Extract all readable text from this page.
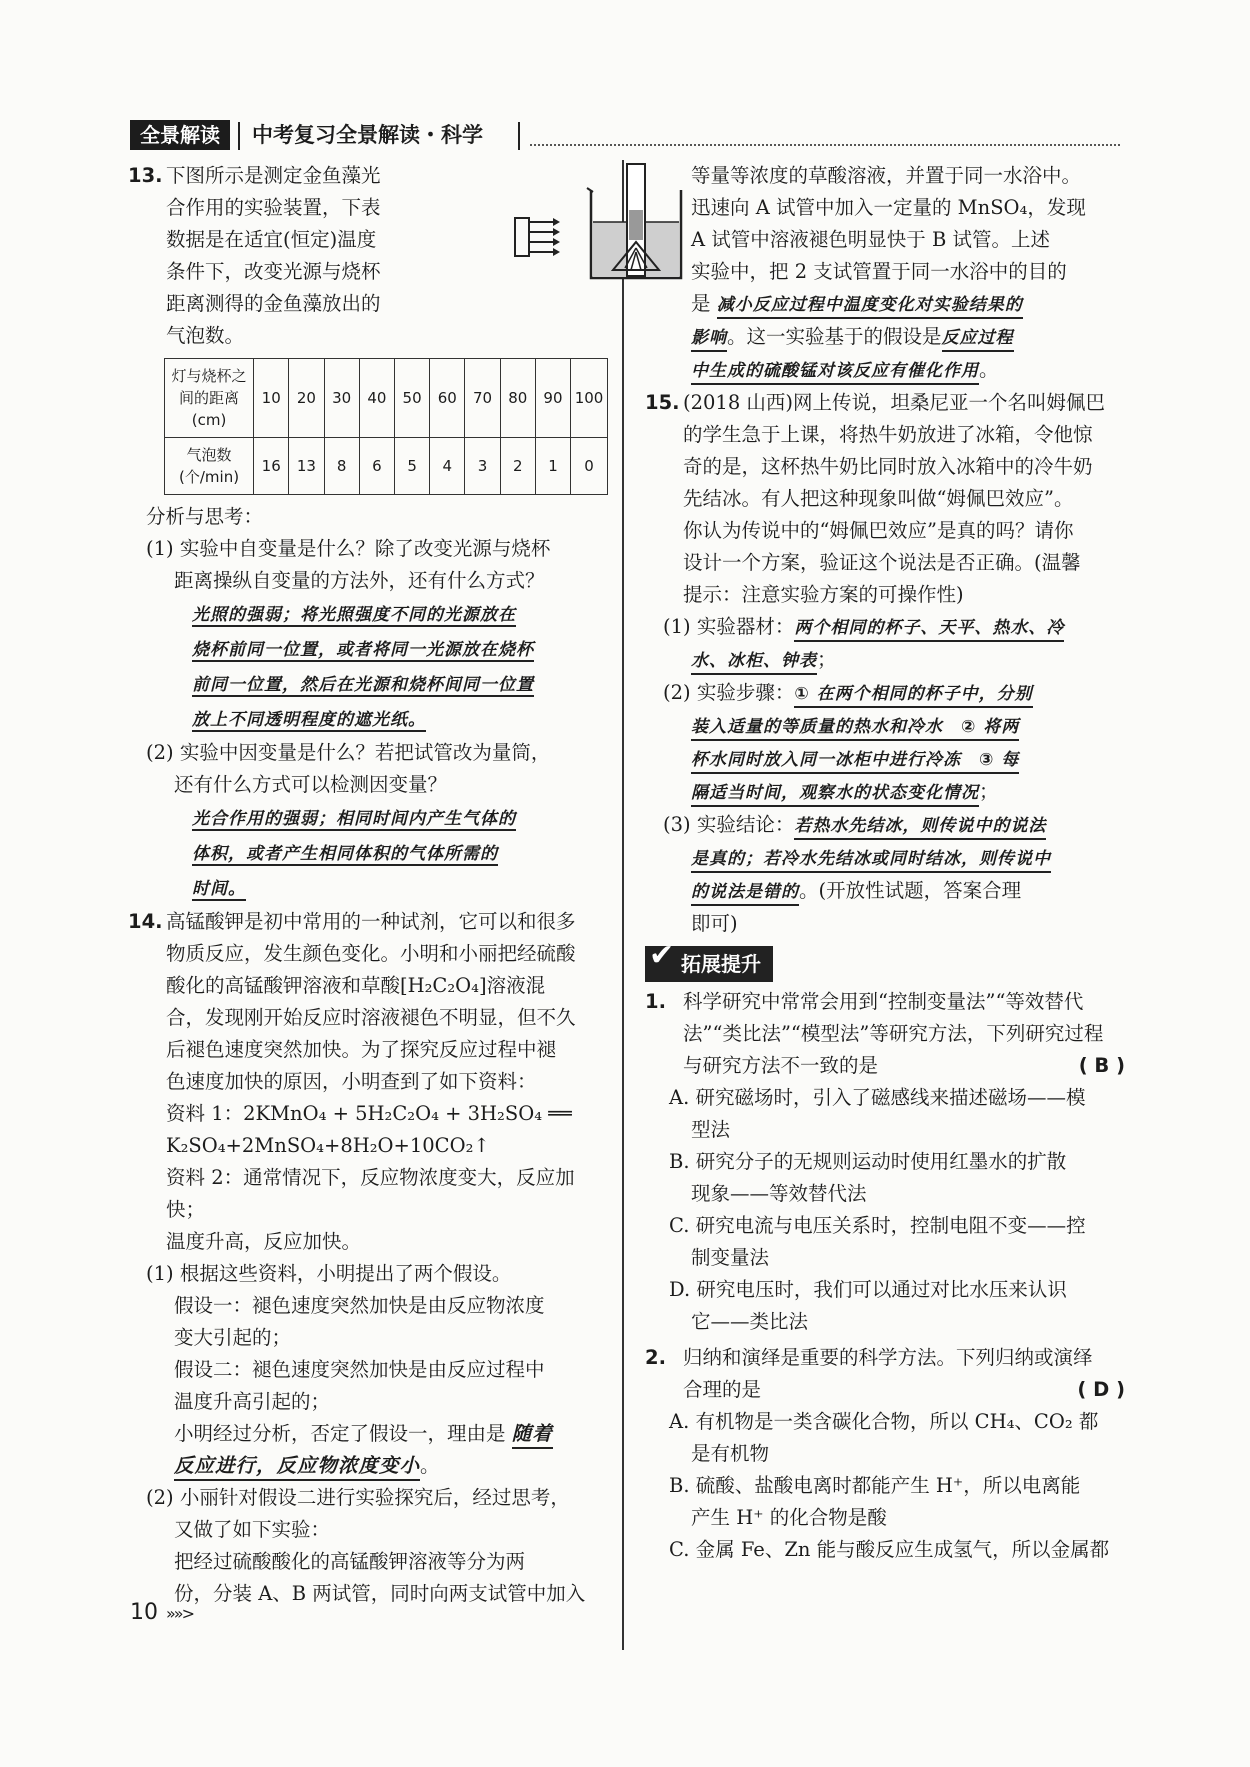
全景解读	中考复习全景解读・科学

13. 下图所示是测定金鱼藻光

合作用的实验装置，下表

数据是在适宜(恒定)温度

条件下，改变光源与烧杯

距离测得的金鱼藻放出的

气泡数。

灯与烧杯之间的距离(cm)	10	20	30	40	50	60	70	80	90	100
气泡数(个/min)	16	13	8	6	5	4	3	2	1	0

分析与思考：

(1) 实验中自变量是什么？除了改变光源与烧杯

距离操纵自变量的方法外，还有什么方式？

光照的强弱；将光照强度不同的光源放在

烧杯前同一位置，或者将同一光源放在烧杯

前同一位置，然后在光源和烧杯间同一位置

放上不同透明程度的遮光纸。

(2) 实验中因变量是什么？若把试管改为量筒，

还有什么方式可以检测因变量？

光合作用的强弱；相同时间内产生气体的

体积，或者产生相同体积的气体所需的

时间。

14. 高锰酸钾是初中常用的一种试剂，它可以和很多

物质反应，发生颜色变化。小明和小丽把经硫酸

酸化的高锰酸钾溶液和草酸[H₂C₂O₄]溶液混

合，发现刚开始反应时溶液褪色不明显，但不久

后褪色速度突然加快。为了探究反应过程中褪

色速度加快的原因，小明查到了如下资料：

资料 1：2KMnO₄ + 5H₂C₂O₄ + 3H₂SO₄ ══

K₂SO₄+2MnSO₄+8H₂O+10CO₂↑

资料 2：通常情况下，反应物浓度变大，反应加快；

温度升高，反应加快。

(1) 根据这些资料，小明提出了两个假设。

假设一：褪色速度突然加快是由反应物浓度

变大引起的；

假设二：褪色速度突然加快是由反应过程中

温度升高引起的；

小明经过分析，否定了假设一，理由是 随着

反应进行，反应物浓度变小。

(2) 小丽针对假设二进行实验探究后，经过思考，

又做了如下实验：

把经过硫酸酸化的高锰酸钾溶液等分为两

份，分装 A、B 两试管，同时向两支试管中加入

等量等浓度的草酸溶液，并置于同一水浴中。

迅速向 A 试管中加入一定量的 MnSO₄，发现

A 试管中溶液褪色明显快于 B 试管。上述

实验中，把 2 支试管置于同一水浴中的目的

是 减小反应过程中温度变化对实验结果的

影响。这一实验基于的假设是反应过程

中生成的硫酸锰对该反应有催化作用。

15. (2018 山西)网上传说，坦桑尼亚一个名叫姆佩巴

的学生急于上课，将热牛奶放进了冰箱，令他惊

奇的是，这杯热牛奶比同时放入冰箱中的冷牛奶

先结冰。有人把这种现象叫做“姆佩巴效应”。

你认为传说中的“姆佩巴效应”是真的吗？请你

设计一个方案，验证这个说法是否正确。(温馨

提示：注意实验方案的可操作性)

(1) 实验器材：两个相同的杯子、天平、热水、冷

水、冰柜、钟表；

(2) 实验步骤：① 在两个相同的杯子中，分别

装入适量的等质量的热水和冷水　② 将两

杯水同时放入同一冰柜中进行冷冻　③ 每

隔适当时间，观察水的状态变化情况；

(3) 实验结论：若热水先结冰，则传说中的说法

是真的；若冷水先结冰或同时结冰，则传说中

的说法是错的。(开放性试题，答案合理

即可)

✔ 拓展提升

1. 科学研究中常常会用到“控制变量法”“等效替代

法”“类比法”“模型法”等研究方法，下列研究过程

与研究方法不一致的是	( B )

A. 研究磁场时，引入了磁感线来描述磁场——模

型法

B. 研究分子的无规则运动时使用红墨水的扩散

现象——等效替代法

C. 研究电流与电压关系时，控制电阻不变——控

制变量法

D. 研究电压时，我们可以通过对比水压来认识

它——类比法

2. 归纳和演绎是重要的科学方法。下列归纳或演绎

合理的是	( D )

A. 有机物是一类含碳化合物，所以 CH₄、CO₂ 都

是有机物

B. 硫酸、盐酸电离时都能产生 H⁺，所以电离能

产生 H⁺ 的化合物是酸

C. 金属 Fe、Zn 能与酸反应生成氢气，所以金属都

10 »»>
